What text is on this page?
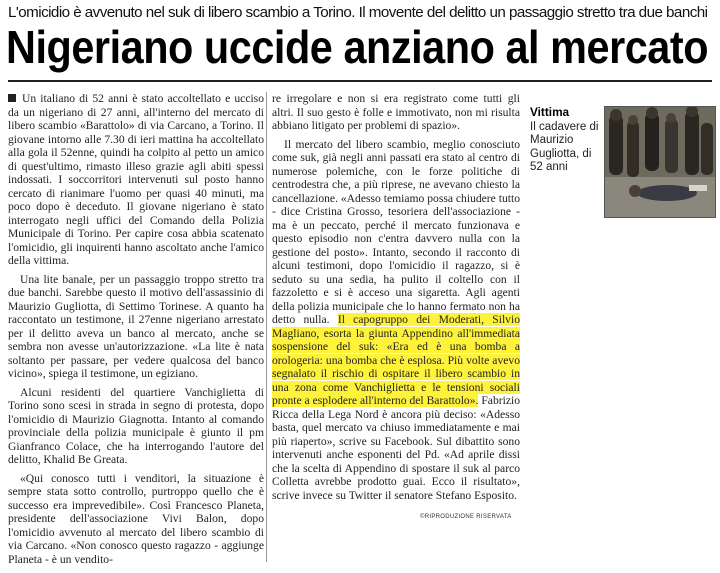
L'omicidio è avvenuto nel suk di libero scambio a Torino. Il movente del delitto un passaggio stretto tra due banchi
Nigeriano uccide anziano al mercato

Un italiano di 52 anni è stato accoltellato e ucciso da un nigeriano di 27 anni, all'interno del mercato di libero scambio «Barattolo» di via Carcano, a Torino. Il giovane intorno alle 7.30 di ieri mattina ha accoltellato alla gola il 52enne, quindi ha colpito al petto un amico di quest'ultimo, rimasto illeso grazie agli abiti spessi indossati. I soccorritori intervenuti sul posto hanno cercato di rianimare l'uomo per quasi 40 minuti, ma poco dopo è deceduto. Il giovane nigeriano è stato interrogato negli uffici del Comando della Polizia Municipale di Torino. Per capire cosa abbia scatenato l'omicidio, gli inquirenti hanno ascoltato anche l'amico della vittima.

Una lite banale, per un passaggio troppo stretto tra due banchi. Sarebbe questo il motivo dell'assassinio di Maurizio Gugliotta, di Settimo Torinese. A quanto ha raccontato un testimone, il 27enne nigeriano arrestato per il delitto aveva un banco al mercato, anche se sembra non avesse un'autorizzazione. «La lite è nata soltanto per passare, per vedere qualcosa del banco vicino», spiega il testimone, un egiziano.

Alcuni residenti del quartiere Vanchiglietta di Torino sono scesi in strada in segno di protesta, dopo l'omicidio di Maurizio Giagnotta. Intanto al comando provinciale della polizia municipale è giunto il pm Gianfranco Colace, che ha interrogando l'autore del delitto, Khalid Be Greata.

«Qui conosco tutti i venditori, la situazione è sempre stata sotto controllo, purtroppo quello che è successo era imprevedibile». Così Francesco Planeta, presidente dell'associazione Vivi Balon, dopo l'omicidio avvenuto al mercato del libero scambio di via Carcano. «Non conosco questo ragazzo - aggiunge Planeta - è un vendito-

re irregolare e non si era registrato come tutti gli altri. Il suo gesto è folle e immotivato, non mi risulta abbiano litigato per problemi di spazio».

Il mercato del libero scambio, meglio conosciuto come suk, già negli anni passati era stato al centro di numerose polemiche, con le forze politiche di centrodestra che, a più riprese, ne avevano chiesto la cancellazione. «Adesso temiamo possa chiudere tutto - dice Cristina Grosso, tesoriera dell'associazione - ma è un peccato, perché il mercato funzionava e questo episodio non c'entra davvero nulla con la gestione del posto». Intanto, secondo il racconto di alcuni testimoni, dopo l'omicidio il ragazzo, si è seduto su una sedia, ha pulito il coltello con il fazzoletto e si è acceso una sigaretta. Agli agenti della polizia municipale che lo hanno fermato non ha detto nulla. Il capogruppo dei Moderati, Silvio Magliano, esorta la giunta Appendino all'immediata sospensione del suk: «Era ed è una bomba a orologeria: una bomba che è esplosa. Più volte avevo segnalato il rischio di ospitare il libero scambio in una zona come Vanchiglietta e le tensioni sociali pronte a esplodere all'interno del Barattolo». Fabrizio Ricca della Lega Nord è ancora più deciso: «Adesso basta, quel mercato va chiuso immediatamente e mai più riaperto», scrive su Facebook. Sul dibattito sono intervenuti anche esponenti del Pd. «Ad aprile dissi che la scelta di Appendino di spostare il suk al parco Colletta avrebbe prodotto guai. Ecco il risultato», scrive invece su Twitter il senatore Stefano Esposito.

Vittima
Il cadavere di Maurizio Gugliotta, di 52 anni
©RIPRODUZIONE RISERVATA
